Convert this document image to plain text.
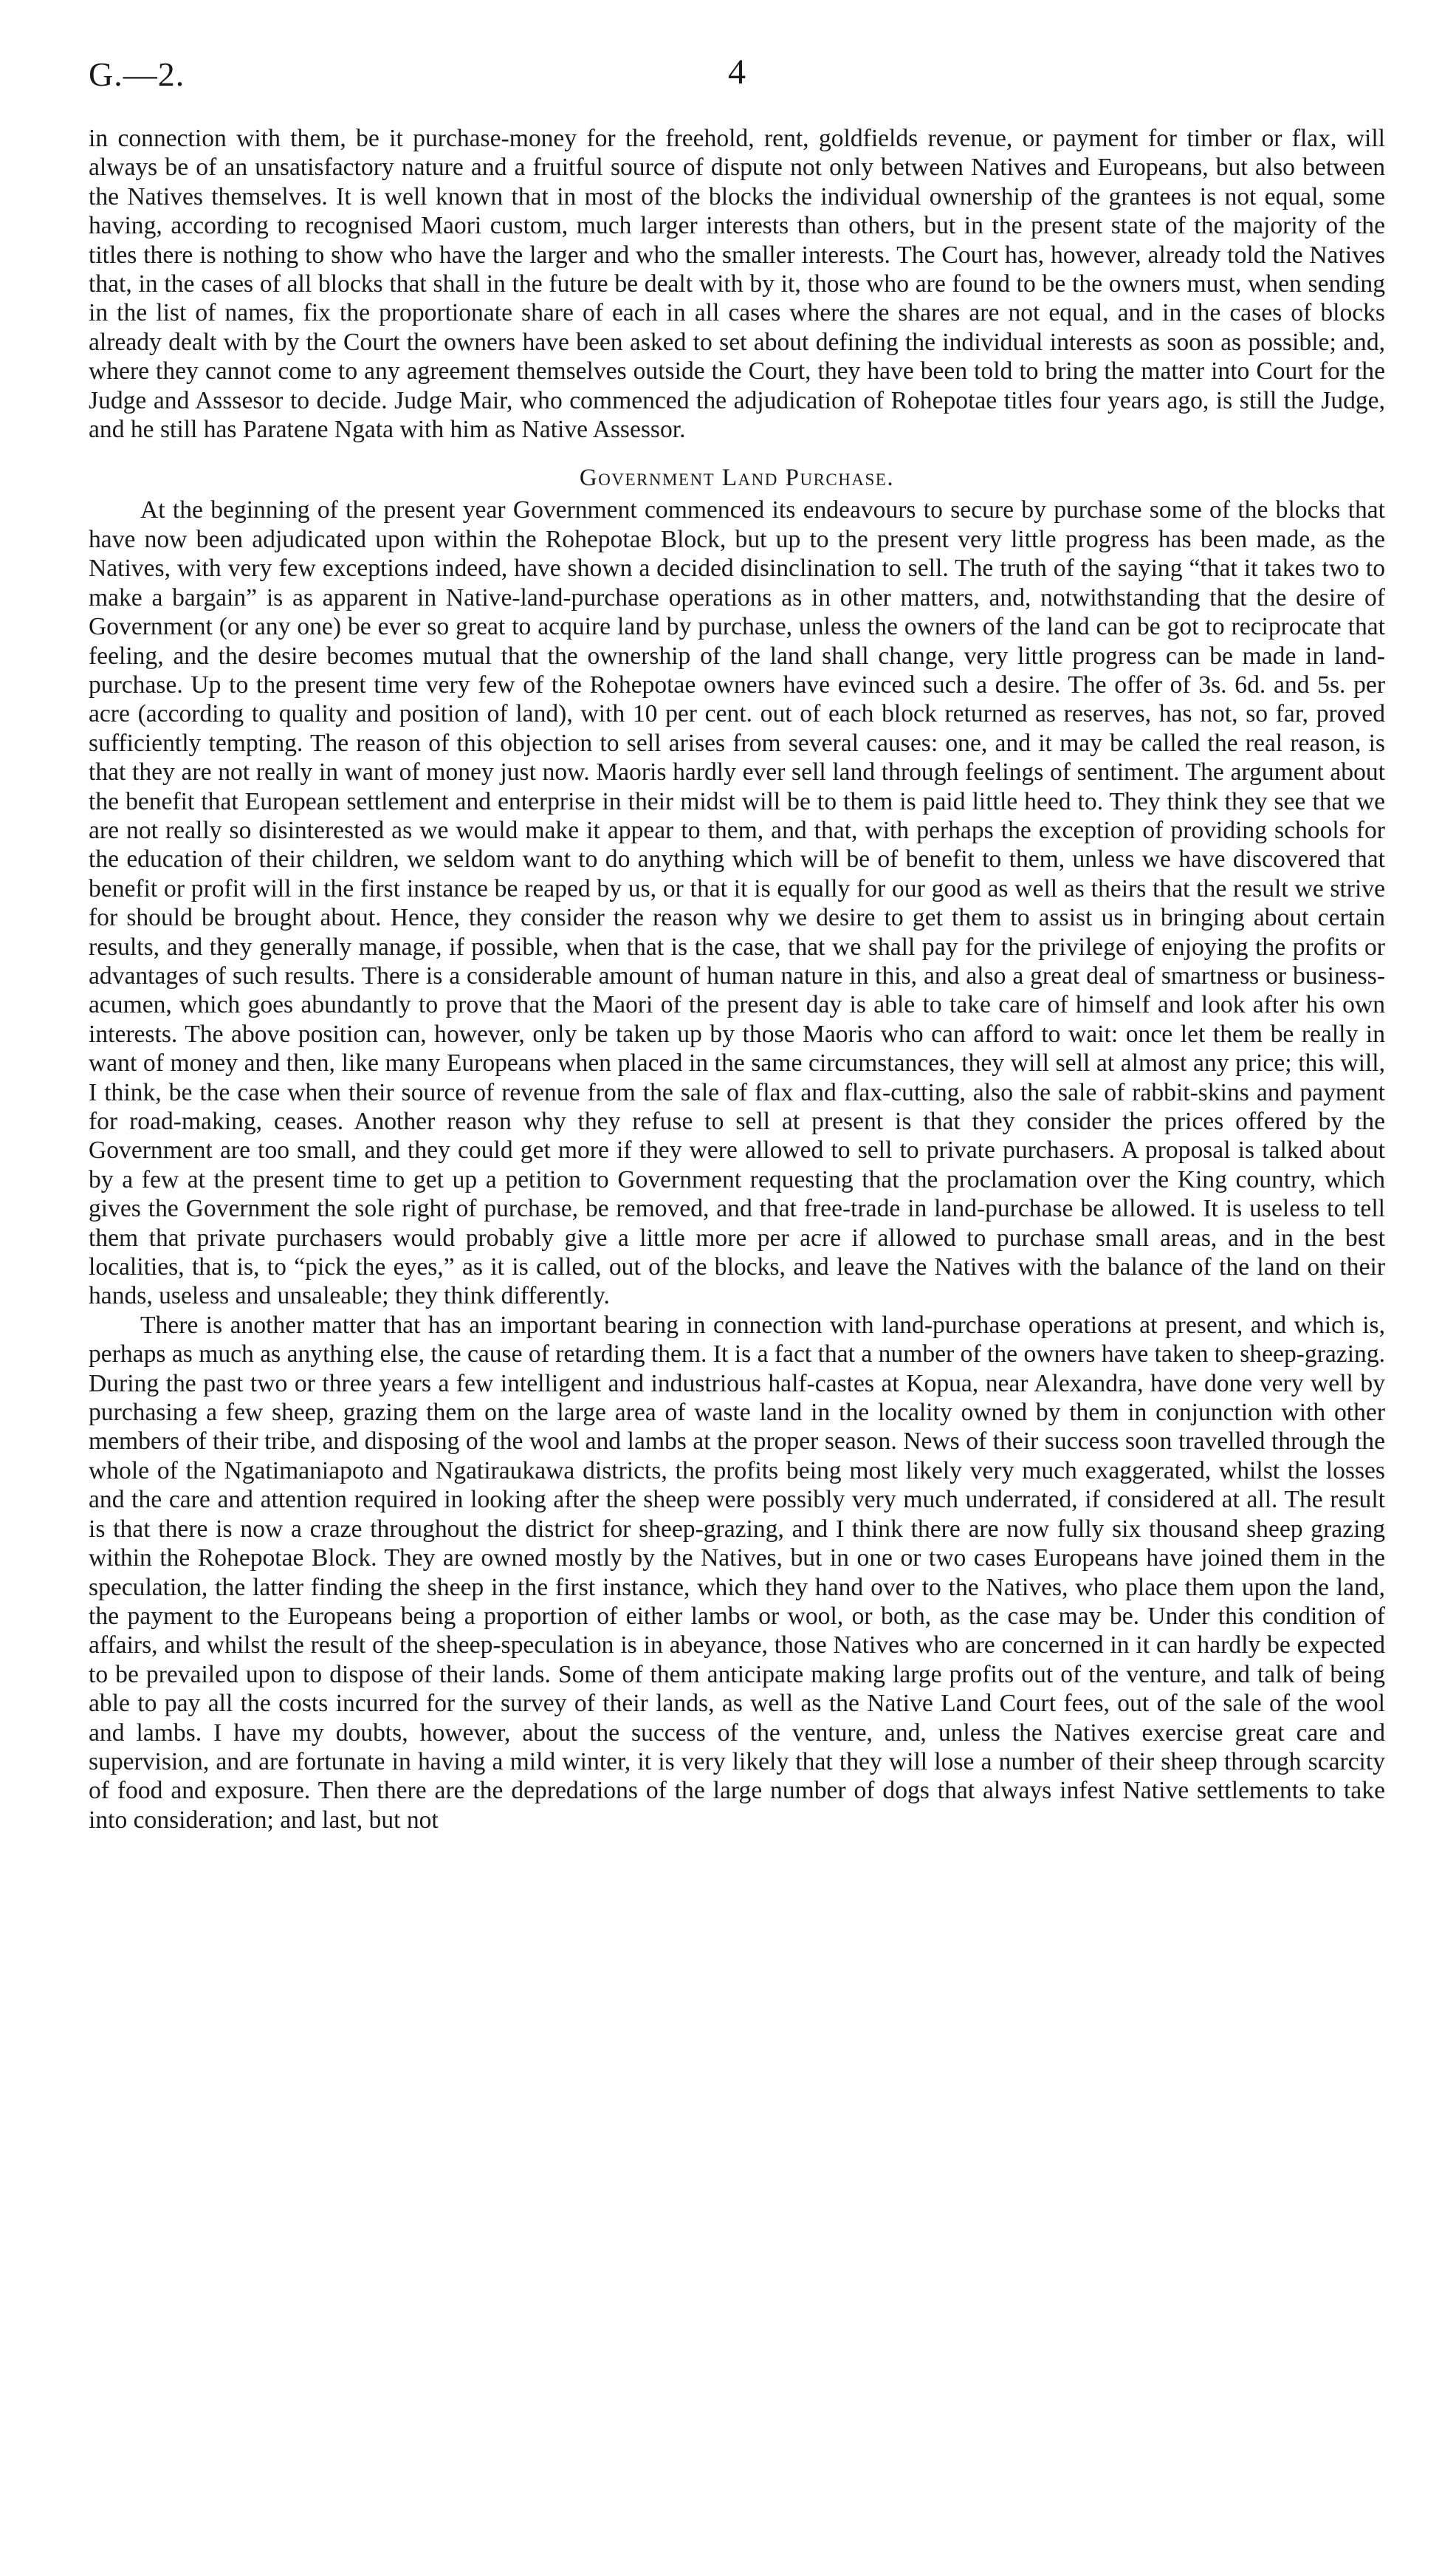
G.—2.	4

in connection with them, be it purchase-money for the freehold, rent, goldfields revenue, or payment for timber or flax, will always be of an unsatisfactory nature and a fruitful source of dispute not only between Natives and Europeans, but also between the Natives themselves. It is well known that in most of the blocks the individual ownership of the grantees is not equal, some having, according to recognised Maori custom, much larger interests than others, but in the present state of the majority of the titles there is nothing to show who have the larger and who the smaller interests. The Court has, however, already told the Natives that, in the cases of all blocks that shall in the future be dealt with by it, those who are found to be the owners must, when sending in the list of names, fix the proportionate share of each in all cases where the shares are not equal, and in the cases of blocks already dealt with by the Court the owners have been asked to set about defining the individual interests as soon as possible; and, where they cannot come to any agreement themselves outside the Court, they have been told to bring the matter into Court for the Judge and Asssesor to decide. Judge Mair, who commenced the adjudication of Rohepotae titles four years ago, is still the Judge, and he still has Paratene Ngata with him as Native Assessor.

Government Land Purchase.

At the beginning of the present year Government commenced its endeavours to secure by purchase some of the blocks that have now been adjudicated upon within the Rohepotae Block, but up to the present very little progress has been made, as the Natives, with very few exceptions indeed, have shown a decided disinclination to sell. The truth of the saying “that it takes two to make a bargain” is as apparent in Native-land-purchase operations as in other matters, and, notwithstanding that the desire of Government (or any one) be ever so great to acquire land by purchase, unless the owners of the land can be got to reciprocate that feeling, and the desire becomes mutual that the ownership of the land shall change, very little progress can be made in land-purchase. Up to the present time very few of the Rohepotae owners have evinced such a desire. The offer of 3s. 6d. and 5s. per acre (according to quality and position of land), with 10 per cent. out of each block returned as reserves, has not, so far, proved sufficiently tempting. The reason of this objection to sell arises from several causes: one, and it may be called the real reason, is that they are not really in want of money just now. Maoris hardly ever sell land through feelings of sentiment. The argument about the benefit that European settlement and enterprise in their midst will be to them is paid little heed to. They think they see that we are not really so disinterested as we would make it appear to them, and that, with perhaps the exception of providing schools for the education of their children, we seldom want to do anything which will be of benefit to them, unless we have discovered that benefit or profit will in the first instance be reaped by us, or that it is equally for our good as well as theirs that the result we strive for should be brought about. Hence, they consider the reason why we desire to get them to assist us in bringing about certain results, and they generally manage, if possible, when that is the case, that we shall pay for the privilege of enjoying the profits or advantages of such results. There is a considerable amount of human nature in this, and also a great deal of smartness or business-acumen, which goes abundantly to prove that the Maori of the present day is able to take care of himself and look after his own interests. The above position can, however, only be taken up by those Maoris who can afford to wait: once let them be really in want of money and then, like many Europeans when placed in the same circumstances, they will sell at almost any price; this will, I think, be the case when their source of revenue from the sale of flax and flax-cutting, also the sale of rabbit-skins and payment for road-making, ceases. Another reason why they refuse to sell at present is that they consider the prices offered by the Government are too small, and they could get more if they were allowed to sell to private purchasers. A proposal is talked about by a few at the present time to get up a petition to Government requesting that the proclamation over the King country, which gives the Government the sole right of purchase, be removed, and that free-trade in land-purchase be allowed. It is useless to tell them that private purchasers would probably give a little more per acre if allowed to purchase small areas, and in the best localities, that is, to “pick the eyes,” as it is called, out of the blocks, and leave the Natives with the balance of the land on their hands, useless and unsaleable; they think differently.

There is another matter that has an important bearing in connection with land-purchase operations at present, and which is, perhaps as much as anything else, the cause of retarding them. It is a fact that a number of the owners have taken to sheep-grazing. During the past two or three years a few intelligent and industrious half-castes at Kopua, near Alexandra, have done very well by purchasing a few sheep, grazing them on the large area of waste land in the locality owned by them in conjunction with other members of their tribe, and disposing of the wool and lambs at the proper season. News of their success soon travelled through the whole of the Ngatimaniapoto and Ngatiraukawa districts, the profits being most likely very much exaggerated, whilst the losses and the care and attention required in looking after the sheep were possibly very much underrated, if considered at all. The result is that there is now a craze throughout the district for sheep-grazing, and I think there are now fully six thousand sheep grazing within the Rohepotae Block. They are owned mostly by the Natives, but in one or two cases Europeans have joined them in the speculation, the latter finding the sheep in the first instance, which they hand over to the Natives, who place them upon the land, the payment to the Europeans being a proportion of either lambs or wool, or both, as the case may be. Under this condition of affairs, and whilst the result of the sheep-speculation is in abeyance, those Natives who are concerned in it can hardly be expected to be prevailed upon to dispose of their lands. Some of them anticipate making large profits out of the venture, and talk of being able to pay all the costs incurred for the survey of their lands, as well as the Native Land Court fees, out of the sale of the wool and lambs. I have my doubts, however, about the success of the venture, and, unless the Natives exercise great care and supervision, and are fortunate in having a mild winter, it is very likely that they will lose a number of their sheep through scarcity of food and exposure. Then there are the depredations of the large number of dogs that always infest Native settlements to take into consideration; and last, but not
